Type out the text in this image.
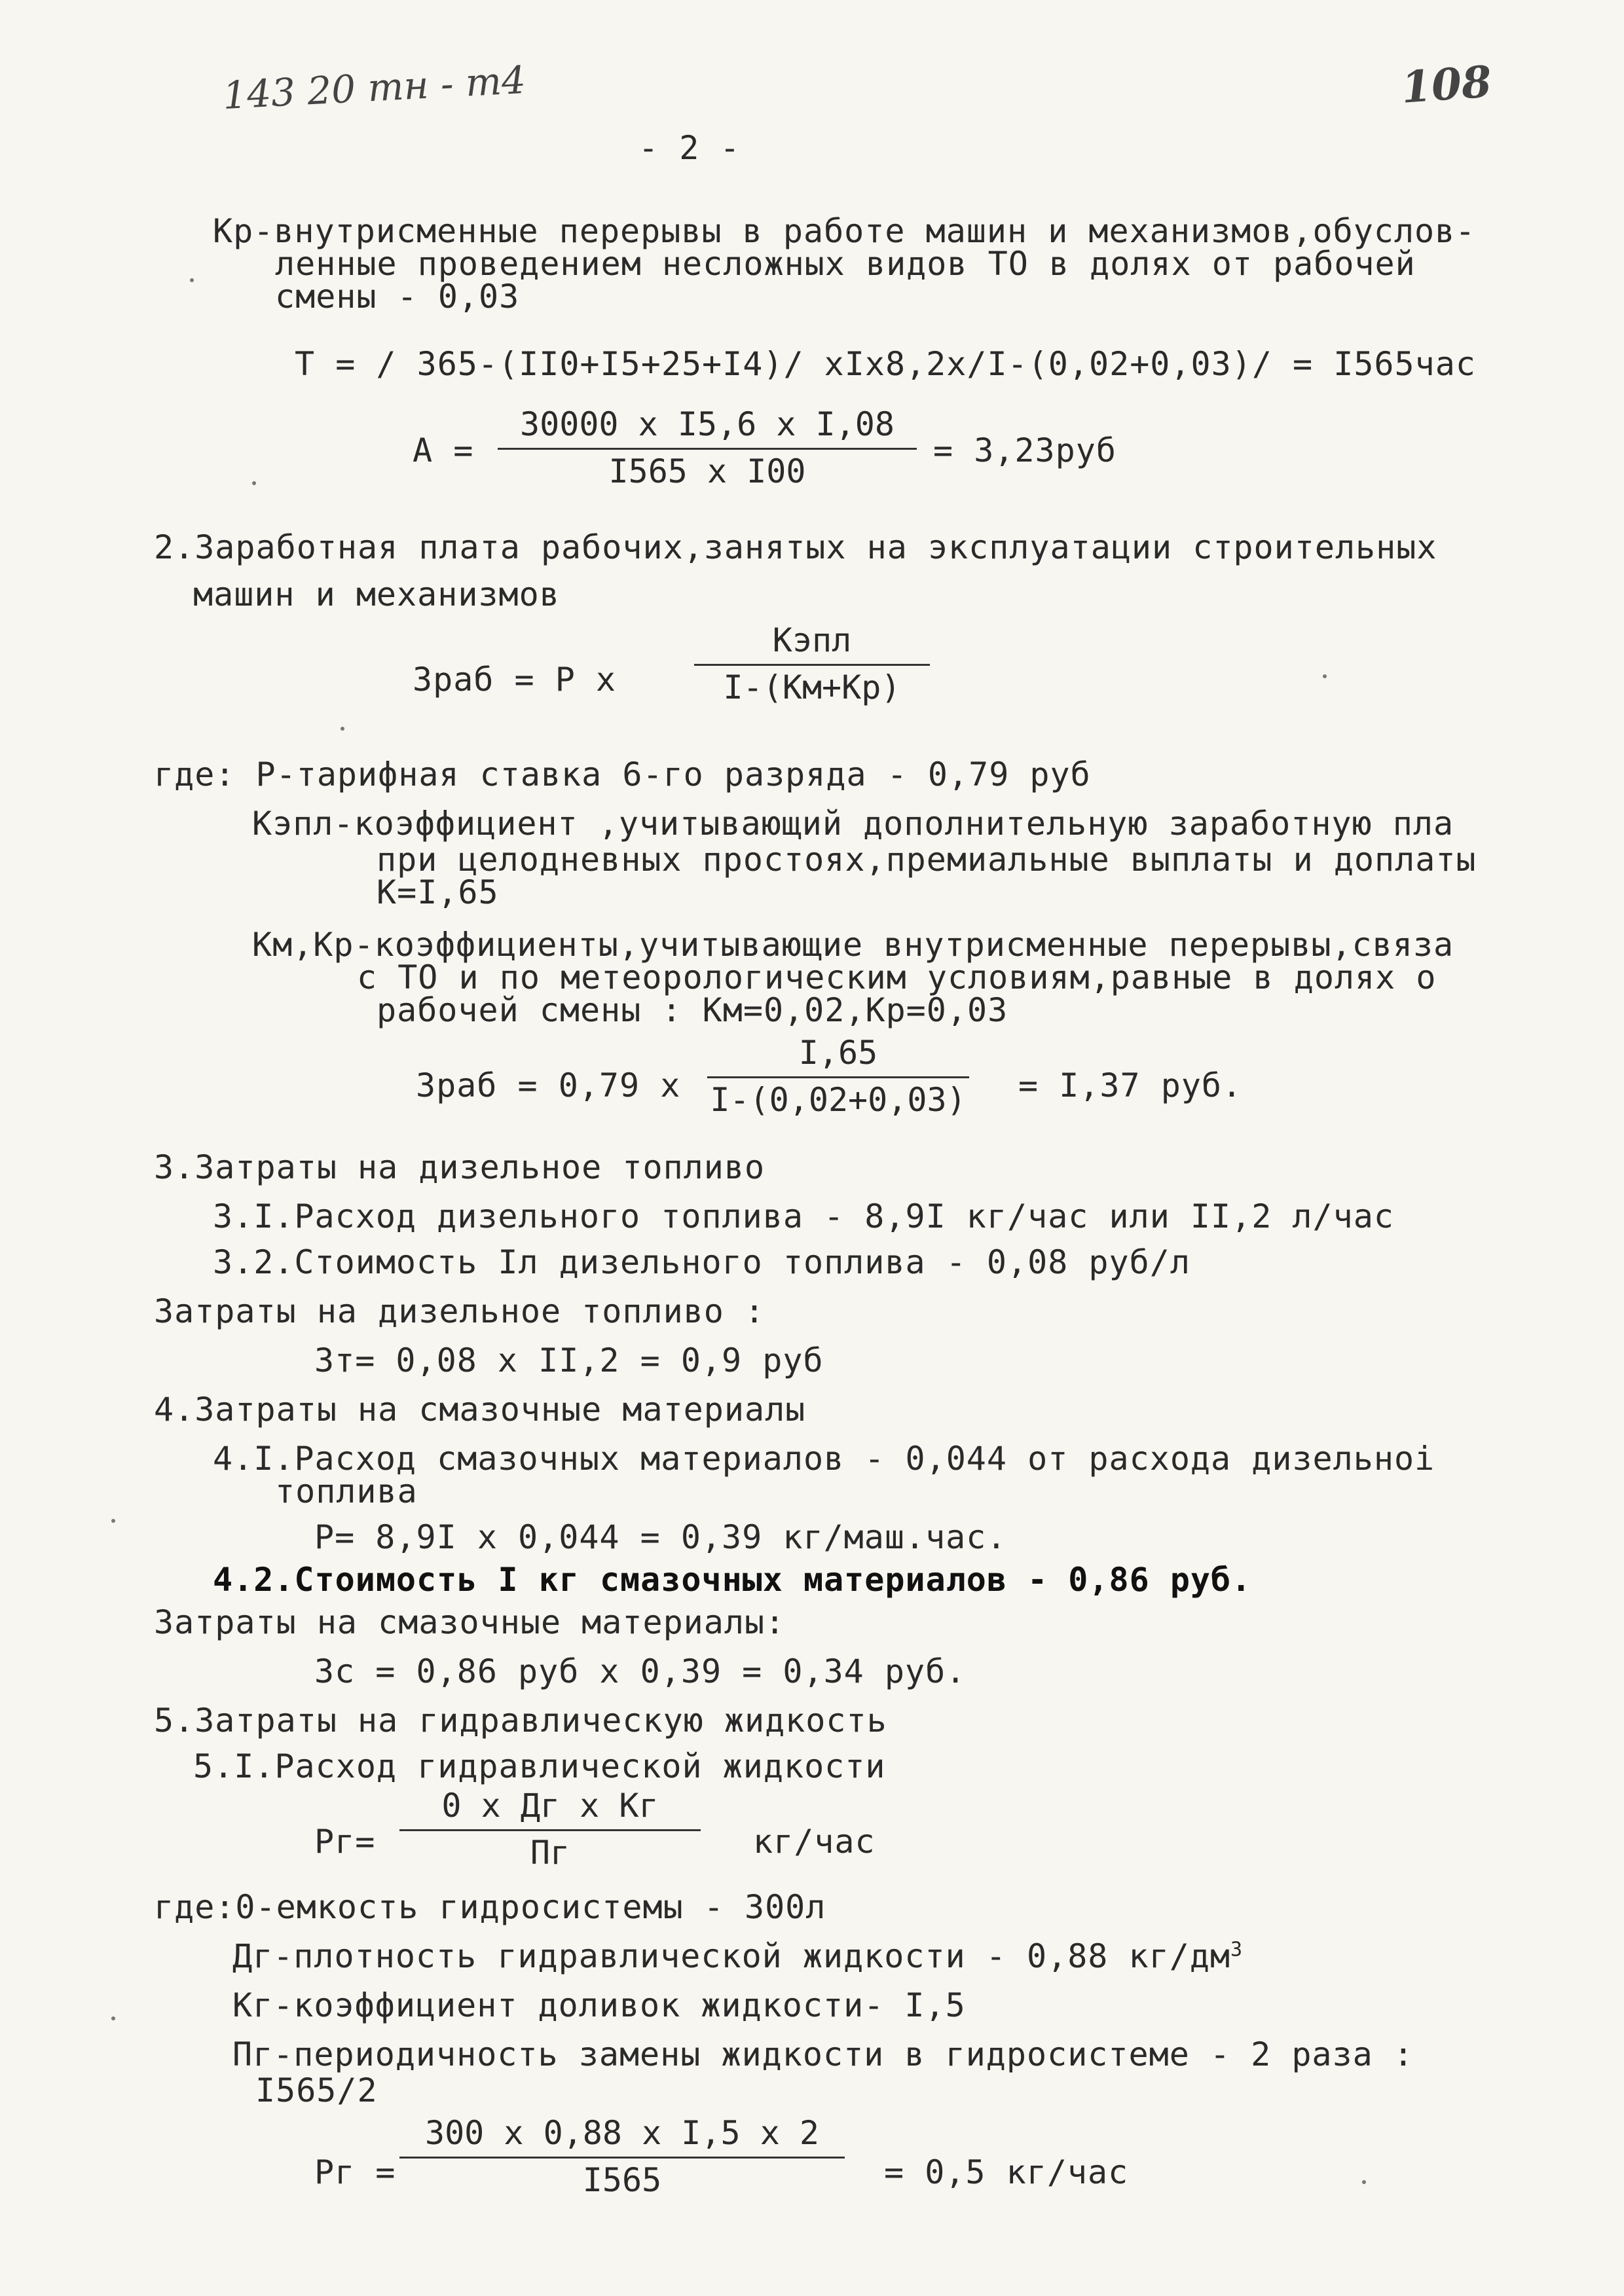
143 20 тн - т4	108
- 2 -
Кр-внутрисменные перерывы в работе машин и механизмов,обуслов-
ленные проведением несложных видов ТО в долях от рабочей
смены - 0,03
Т = / 365-(II0+I5+25+I4)/ хIх8,2х/I-(0,02+0,03)/ = I565час
А =
30000 х I5,6 х I,08
I565 х I00
= 3,23руб
2.Заработная плата рабочих,занятых на эксплуатации строительных
машин и механизмов
Зраб = Р х
Кэпл
I-(Км+Кр)
где: Р-тарифная ставка 6-го разряда - 0,79 руб
Кэпл-коэффициент ,учитывающий дополнительную заработную пла
при целодневных простоях,премиальные выплаты и доплаты
К=I,65
Км,Кр-коэффициенты,учитывающие внутрисменные перерывы,связа
с ТО и по метеорологическим условиям,равные в долях о
рабочей смены : Км=0,02,Кр=0,03
Зраб = 0,79 х
I,65
I-(0,02+0,03) = I,37 руб.
3.Затраты на дизельное топливо
3.I.Расход дизельного топлива - 8,9I кг/час или II,2 л/час
3.2.Стоимость Iл дизельного топлива - 0,08 руб/л
Затраты на дизельное топливо :
Зт= 0,08 х II,2 = 0,9 руб
4.Затраты на смазочные материалы
4.I.Расход смазочных материалов - 0,044 от расхода дизельноі
топлива
Р= 8,9I х 0,044 = 0,39 кг/маш.час.
4.2.Стоимость I кг смазочных материалов - 0,86 руб.
Затраты на смазочные материалы:
Зс = 0,86 руб х 0,39 = 0,34 руб.
5.Затраты на гидравлическую жидкость
5.I.Расход гидравлической жидкости
Рг=
0 х Дг х Кг
Пг	кг/час
где:0-емкость гидросистемы - 300л
Дг-плотность гидравлической жидкости - 0,88 $кг/дм^3$
Кг-коэффициент доливок жидкости- I,5
Пг-периодичность замены жидкости в гидросистеме - 2 раза :
I565/2
Рг =
300 х 0,88 х I,5 х 2
I565	= 0,5 кг/час
